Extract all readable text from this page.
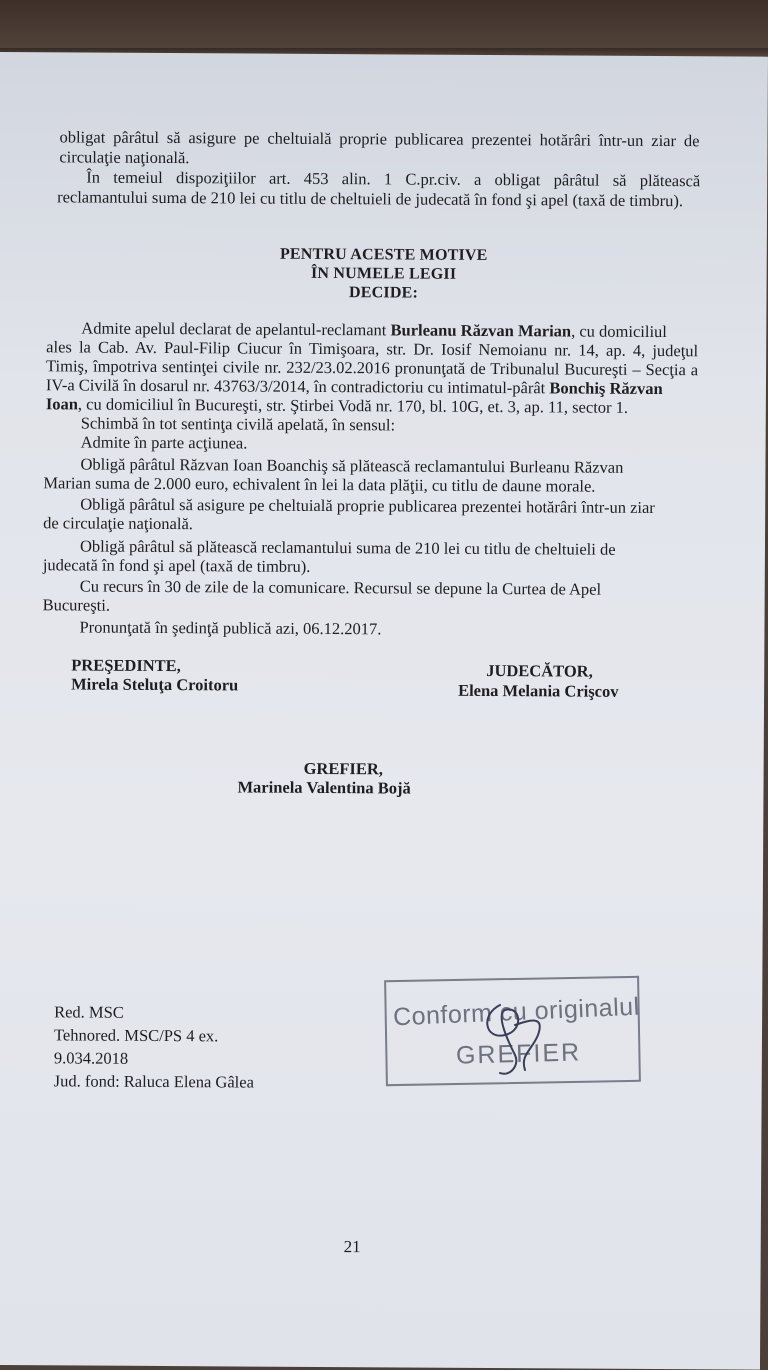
obligat pârâtul să asigure pe cheltuială proprie publicarea prezentei hotărâri într-un ziar de
circulaţie naţională.
În temeiul dispoziţiilor art. 453 alin. 1 C.pr.civ. a obligat pârâtul să plătească
reclamantului suma de 210 lei cu titlu de cheltuieli de judecată în fond şi apel (taxă de timbru).
PENTRU ACESTE MOTIVE
ÎN NUMELE LEGII
DECIDE:
Admite apelul declarat de apelantul-reclamant Burleanu Răzvan Marian, cu domiciliul
ales la Cab. Av. Paul-Filip Ciucur în Timişoara, str. Dr. Iosif Nemoianu nr. 14, ap. 4, judeţul
Timiş, împotriva sentinţei civile nr. 232/23.02.2016 pronunţată de Tribunalul Bucureşti – Secţia a
IV-a Civilă în dosarul nr. 43763/3/2014, în contradictoriu cu intimatul-pârât Bonchiş Răzvan
Ioan, cu domiciliul în Bucureşti, str. Ştirbei Vodă nr. 170, bl. 10G, et. 3, ap. 11, sector 1.
Schimbă în tot sentinţa civilă apelată, în sensul:
Admite în parte acţiunea.
Obligă pârâtul Răzvan Ioan Boanchiş să plătească reclamantului Burleanu Răzvan
Marian suma de 2.000 euro, echivalent în lei la data plăţii, cu titlu de daune morale.
Obligă pârâtul să asigure pe cheltuială proprie publicarea prezentei hotărâri într-un ziar
de circulaţie naţională.
Obligă pârâtul să plătească reclamantului suma de 210 lei cu titlu de cheltuieli de
judecată în fond şi apel (taxă de timbru).
Cu recurs în 30 de zile de la comunicare. Recursul se depune la Curtea de Apel
Bucureşti.
Pronunţată în şedinţă publică azi, 06.12.2017.
PREŞEDINTE,
Mirela Steluţa Croitoru
JUDECĂTOR,
Elena Melania Crişcov
GREFIER,
Marinela Valentina Bojă
Red. MSC
Tehnored. MSC/PS 4 ex.
9.034.2018
Jud. fond: Raluca Elena Gâlea
21
Conform cu originalul
GREFIER
